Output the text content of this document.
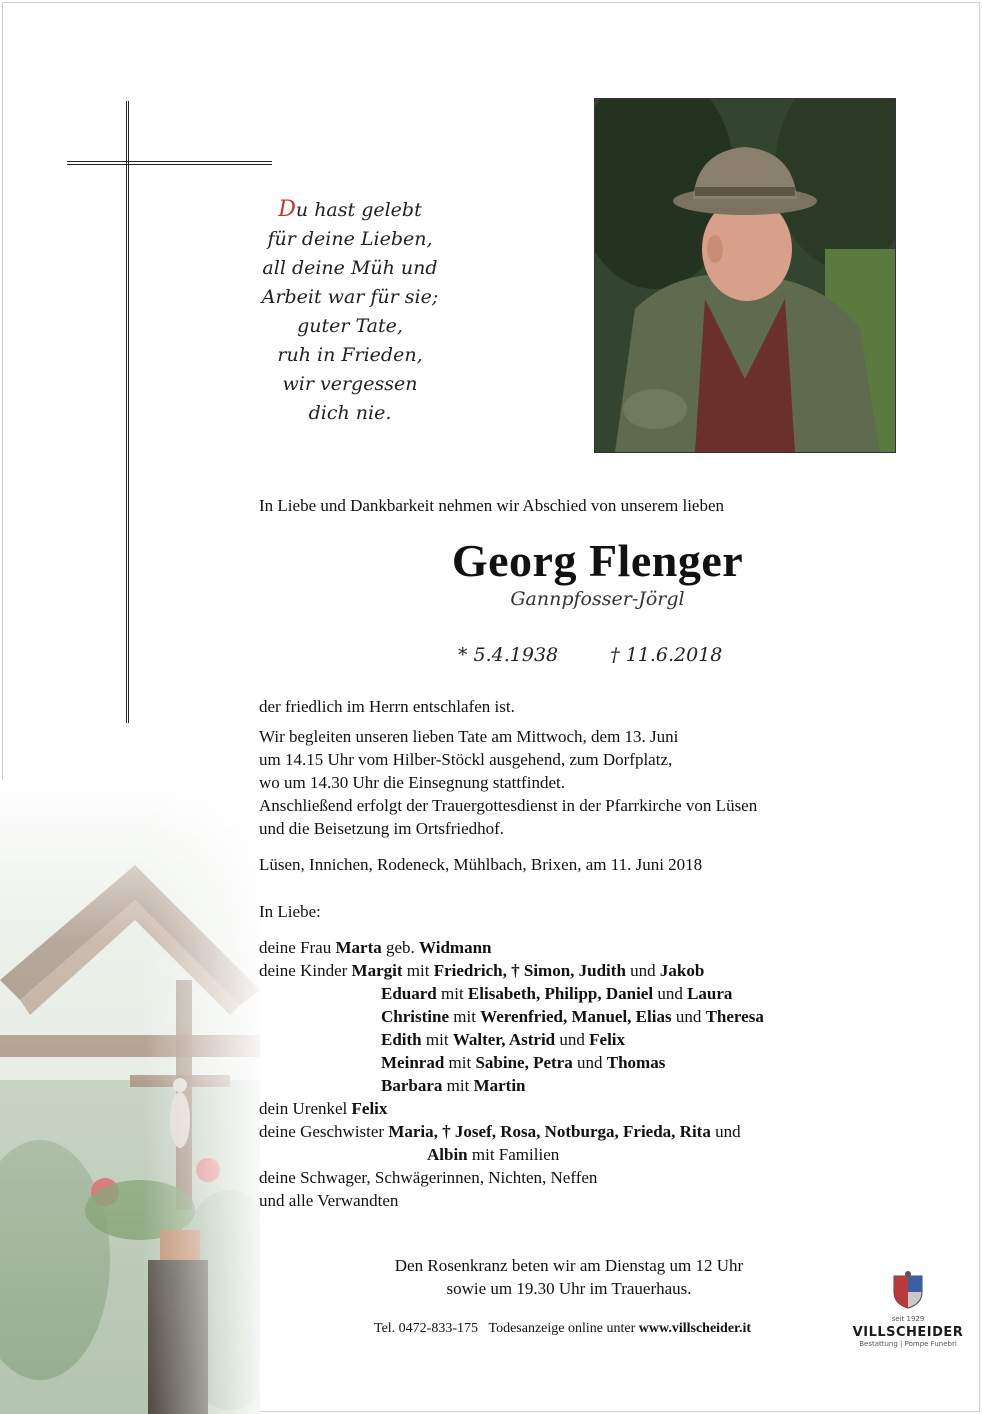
Du hast gelebt
für deine Lieben,
all deine Müh und
Arbeit war für sie;
guter Tate,
ruh in Frieden,
wir vergessen
dich nie.
In Liebe und Dankbarkeit nehmen wir Abschied von unserem lieben
Georg Flenger
Gannpfosser-Jörgl
* 5.4.1938	† 11.6.2018
der friedlich im Herrn entschlafen ist.
Wir begleiten unseren lieben Tate am Mittwoch, dem 13. Juni
um 14.15 Uhr vom Hilber-Stöckl ausgehend, zum Dorfplatz,
wo um 14.30 Uhr die Einsegnung stattfindet.
Anschließend erfolgt der Trauergottesdienst in der Pfarrkirche von Lüsen
und die Beisetzung im Ortsfriedhof.
Lüsen, Innichen, Rodeneck, Mühlbach, Brixen, am 11. Juni 2018
In Liebe:
deine Frau Marta geb. Widmann
deine Kinder Margit mit Friedrich, † Simon, Judith und Jakob
Eduard mit Elisabeth, Philipp, Daniel und Laura
Christine mit Werenfried, Manuel, Elias und Theresa
Edith mit Walter, Astrid und Felix
Meinrad mit Sabine, Petra und Thomas
Barbara mit Martin
dein Urenkel Felix
deine Geschwister Maria, † Josef, Rosa, Notburga, Frieda, Rita und
Albin mit Familien
deine Schwager, Schwägerinnen, Nichten, Neffen
und alle Verwandten
Den Rosenkranz beten wir am Dienstag um 12 Uhr
sowie um 19.30 Uhr im Trauerhaus.
Tel. 0472-833-175 Todesanzeige online unter www.villscheider.it
seit 1929
VILLSCHEIDER
Bestattung | Pompe Funebri
